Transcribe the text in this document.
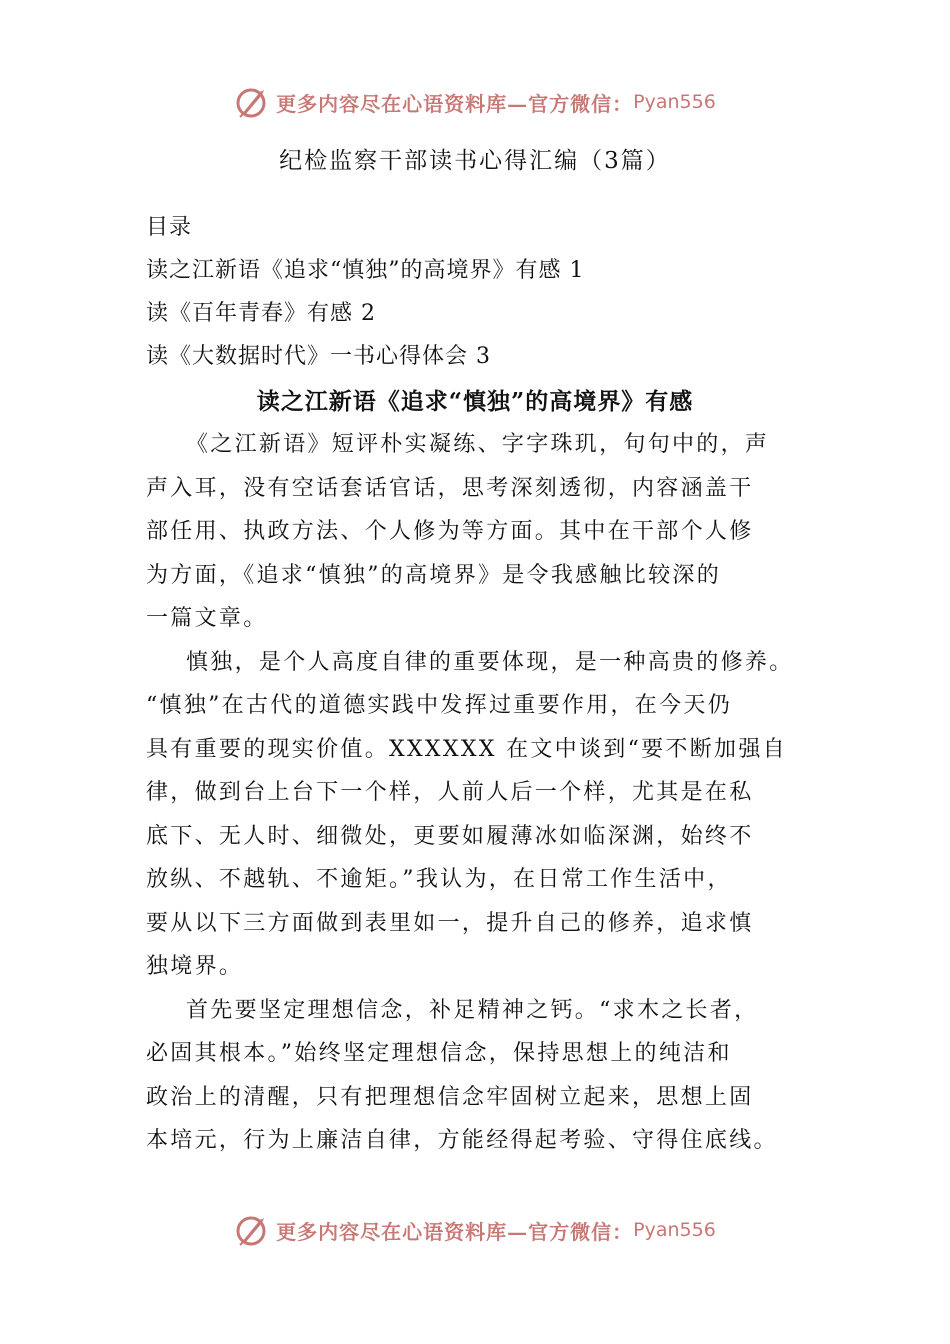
更多内容尽在心语资料库—官方微信： Pyan556
纪检监察干部读书心得汇编（3篇）
目录
读之江新语《追求“慎独”的高境界》有感 1
读《百年青春》有感 2
读《大数据时代》一书心得体会 3
读之江新语《追求“慎独”的高境界》有感
《之江新语》短评朴实凝练、字字珠玑，句句中的，声
声入耳，没有空话套话官话，思考深刻透彻，内容涵盖干
部任用、执政方法、个人修为等方面。其中在干部个人修
为方面，《追求“慎独”的高境界》是令我感触比较深的
一篇文章。
慎独，是个人高度自律的重要体现，是一种高贵的修养。
“慎独”在古代的道德实践中发挥过重要作用，在今天仍
具有重要的现实价值。XXXXXX 在文中谈到“要不断加强自
律，做到台上台下一个样，人前人后一个样，尤其是在私
底下、无人时、细微处，更要如履薄冰如临深渊，始终不
放纵、不越轨、不逾矩。”我认为，在日常工作生活中，
要从以下三方面做到表里如一，提升自己的修养，追求慎
独境界。
首先要坚定理想信念，补足精神之钙。“求木之长者，
必固其根本。”始终坚定理想信念，保持思想上的纯洁和
政治上的清醒，只有把理想信念牢固树立起来，思想上固
本培元，行为上廉洁自律，方能经得起考验、守得住底线。
更多内容尽在心语资料库—官方微信： Pyan556
